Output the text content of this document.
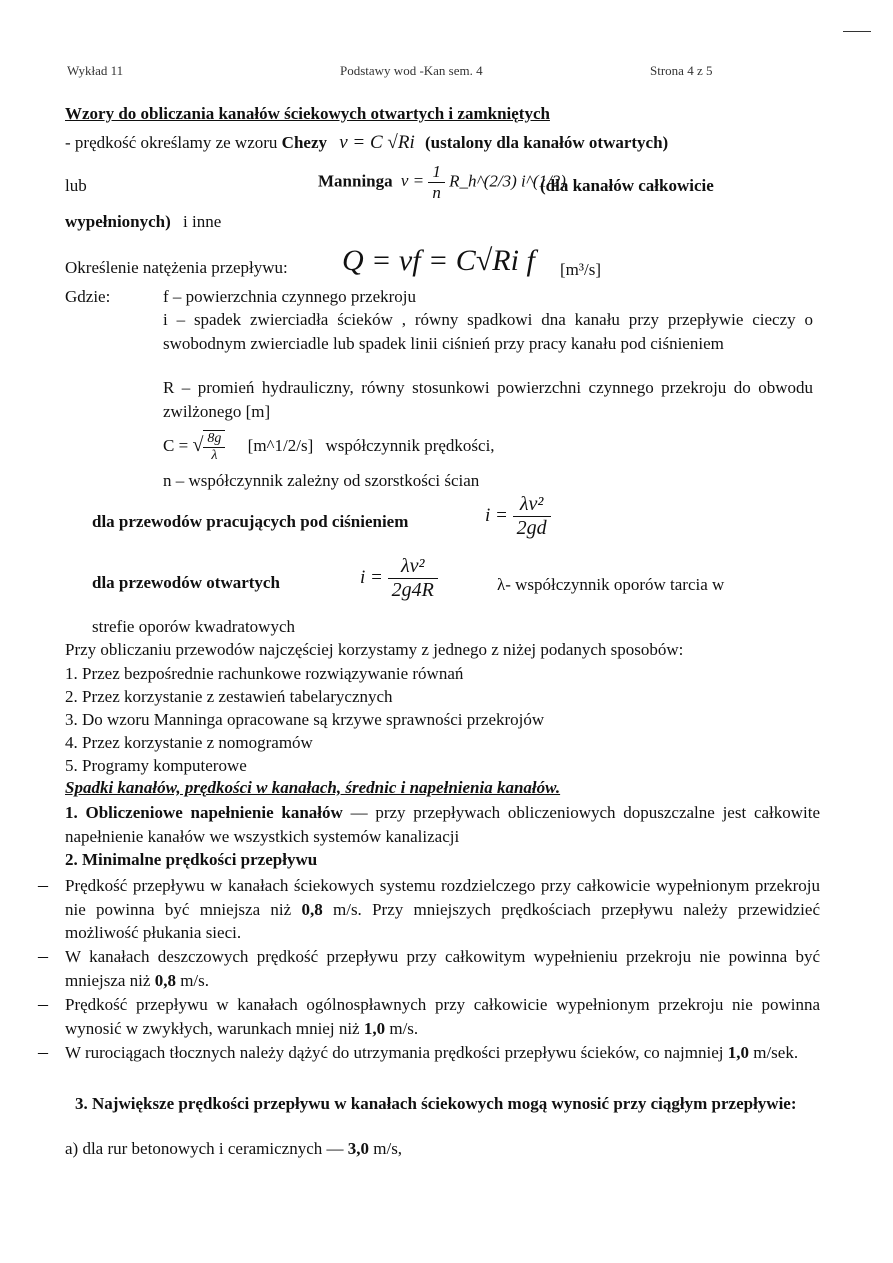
Wykład 11	Podstawy wod -Kan sem. 4	Strona 4 z 5
Wzory do obliczania kanałów ściekowych otwartych i zamkniętych
- prędkość określamy ze wzoru Chezy v = C √Ri (ustalony dla kanałów otwartych)
lub	Manninga $v = \frac{1}{n}$ R_h^(2/3) i^(1/2)
(dla kanałów całkowicie
wypełnionych) i inne
Określenie natężenia przepływu: Q = vf = C√Ri f [m³/s]
Gdzie:	f – powierzchnia czynnego przekroju
i – spadek zwierciadła ścieków , równy spadkowi dna kanału przy przepływie cieczy o swobodnym zwierciadle lub spadek linii ciśnień przy pracy kanału pod ciśnieniem
R – promień hydrauliczny, równy stosunkowi powierzchni czynnego przekroju do obwodu zwilżonego [m]
C = √ $\frac{8g}{\lambda}$ [m^1/2/s] współczynnik prędkości,
n – współczynnik zależny od szorstkości ścian
dla przewodów pracujących pod ciśnieniem	$i = \frac{\text{λv²}}{2gd}$
dla przewodów otwartych	$i = \frac{\text{λv²}}{2g4R}$	λ- współczynnik oporów tarcia w
strefie oporów kwadratowych
Przy obliczaniu przewodów najczęściej korzystamy z jednego z niżej podanych sposobów:
1. Przez bezpośrednie rachunkowe rozwiązywanie równań
2. Przez korzystanie z zestawień tabelarycznych
3. Do wzoru Manninga opracowane są krzywe sprawności przekrojów
4. Przez korzystanie z nomogramów
5. Programy komputerowe
Spadki kanałów, prędkości w kanałach, średnic i napełnienia kanałów.
1. Obliczeniowe napełnienie kanałów — przy przepływach obliczeniowych dopuszczalne jest całkowite napełnienie kanałów we wszystkich systemów kanalizacji
2. Minimalne prędkości przepływu
– Prędkość przepływu w kanałach ściekowych systemu rozdzielczego przy całkowicie wypełnionym przekroju nie powinna być mniejsza niż 0,8 m/s. Przy mniejszych prędkościach przepływu należy przewidzieć możliwość płukania sieci.
– W kanałach deszczowych prędkość przepływu przy całkowitym wypełnieniu przekroju nie powinna być mniejsza niż 0,8 m/s.
– Prędkość przepływu w kanałach ogólnospławnych przy całkowicie wypełnionym przekroju nie powinna wynosić w zwykłych, warunkach mniej niż 1,0 m/s.
– W rurociągach tłocznych należy dążyć do utrzymania prędkości przepływu ścieków, co najmniej 1,0 m/sek.
3. Największe prędkości przepływu w kanałach ściekowych mogą wynosić przy ciągłym przepływie:
a) dla rur betonowych i ceramicznych — 3,0 m/s,
